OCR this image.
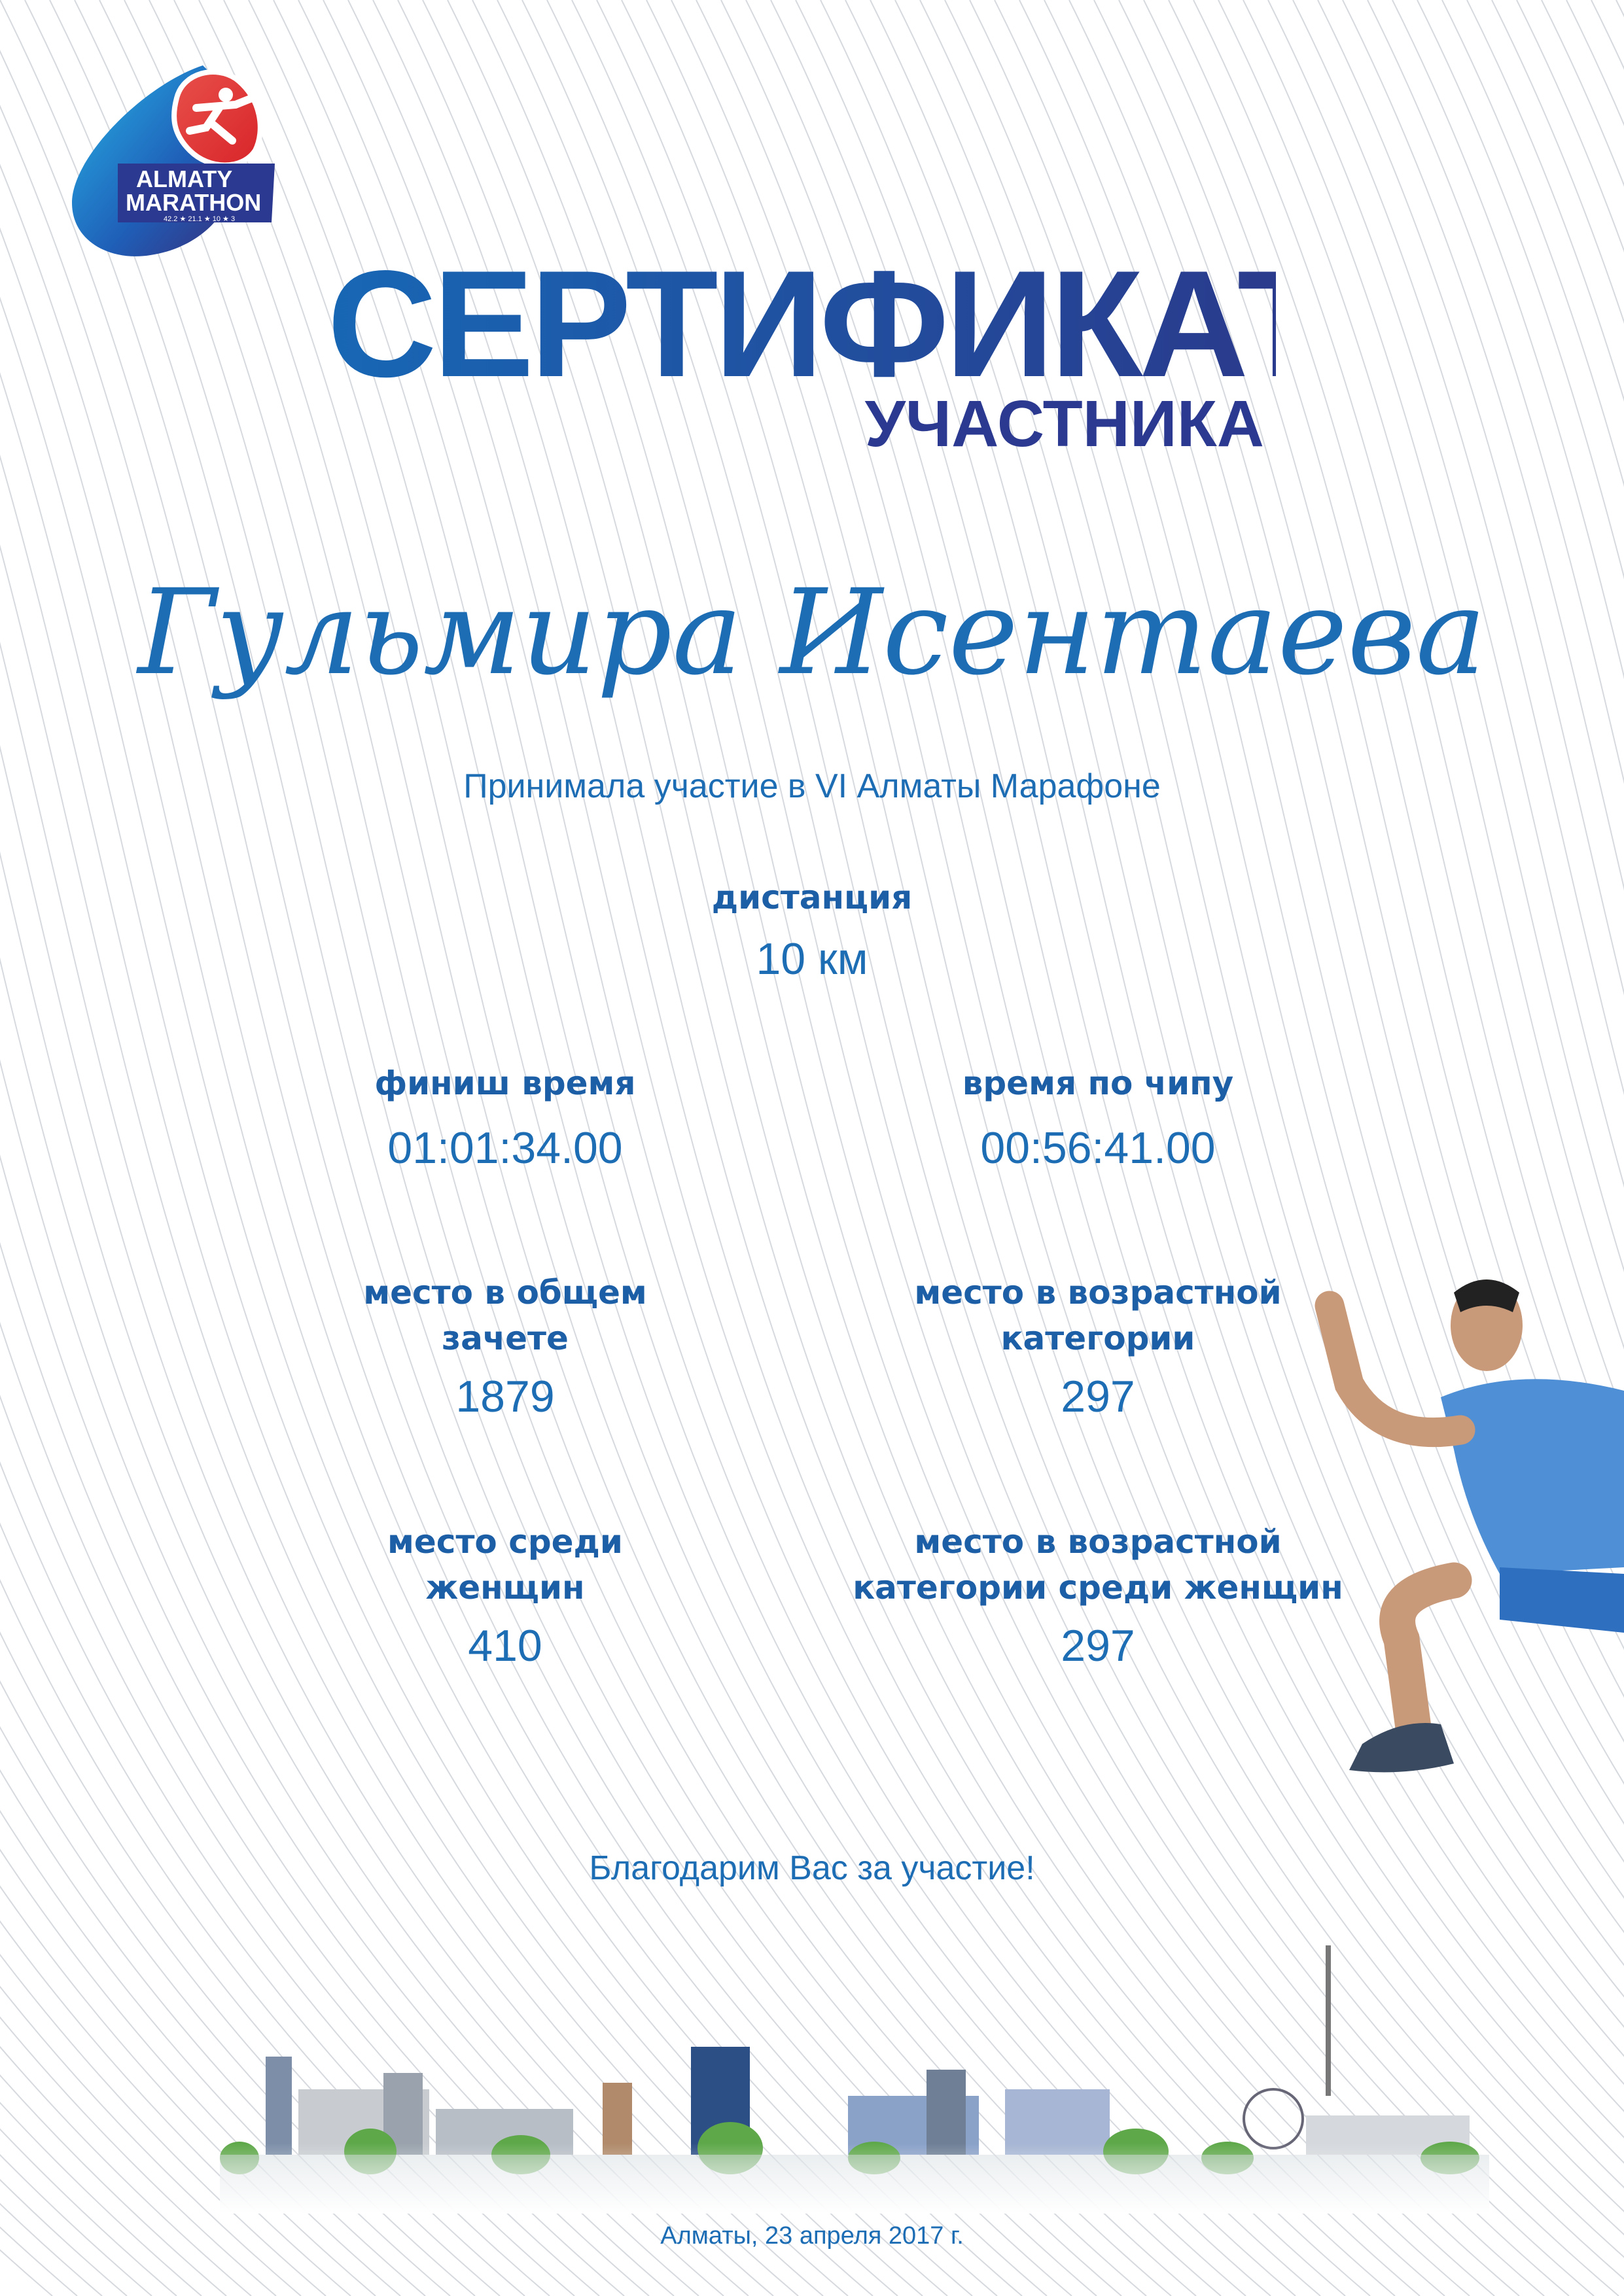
ALMATY
MARATHON
42.2 ★ 21.1 ★ 10 ★ 3
СЕРТИФИКАТ
УЧАСТНИКА
Гульмира Исентаева
Принимала участие в VI Алматы Марафоне
дистанция
10 км
финиш время
01:01:34.00
время по чипу
00:56:41.00
место в общем
зачете
1879
место в возрастной
категории
297
место среди
женщин
410
место в возрастной
категории среди женщин
297
Благодарим Вас за участие!
Алматы, 23 апреля 2017 г.
